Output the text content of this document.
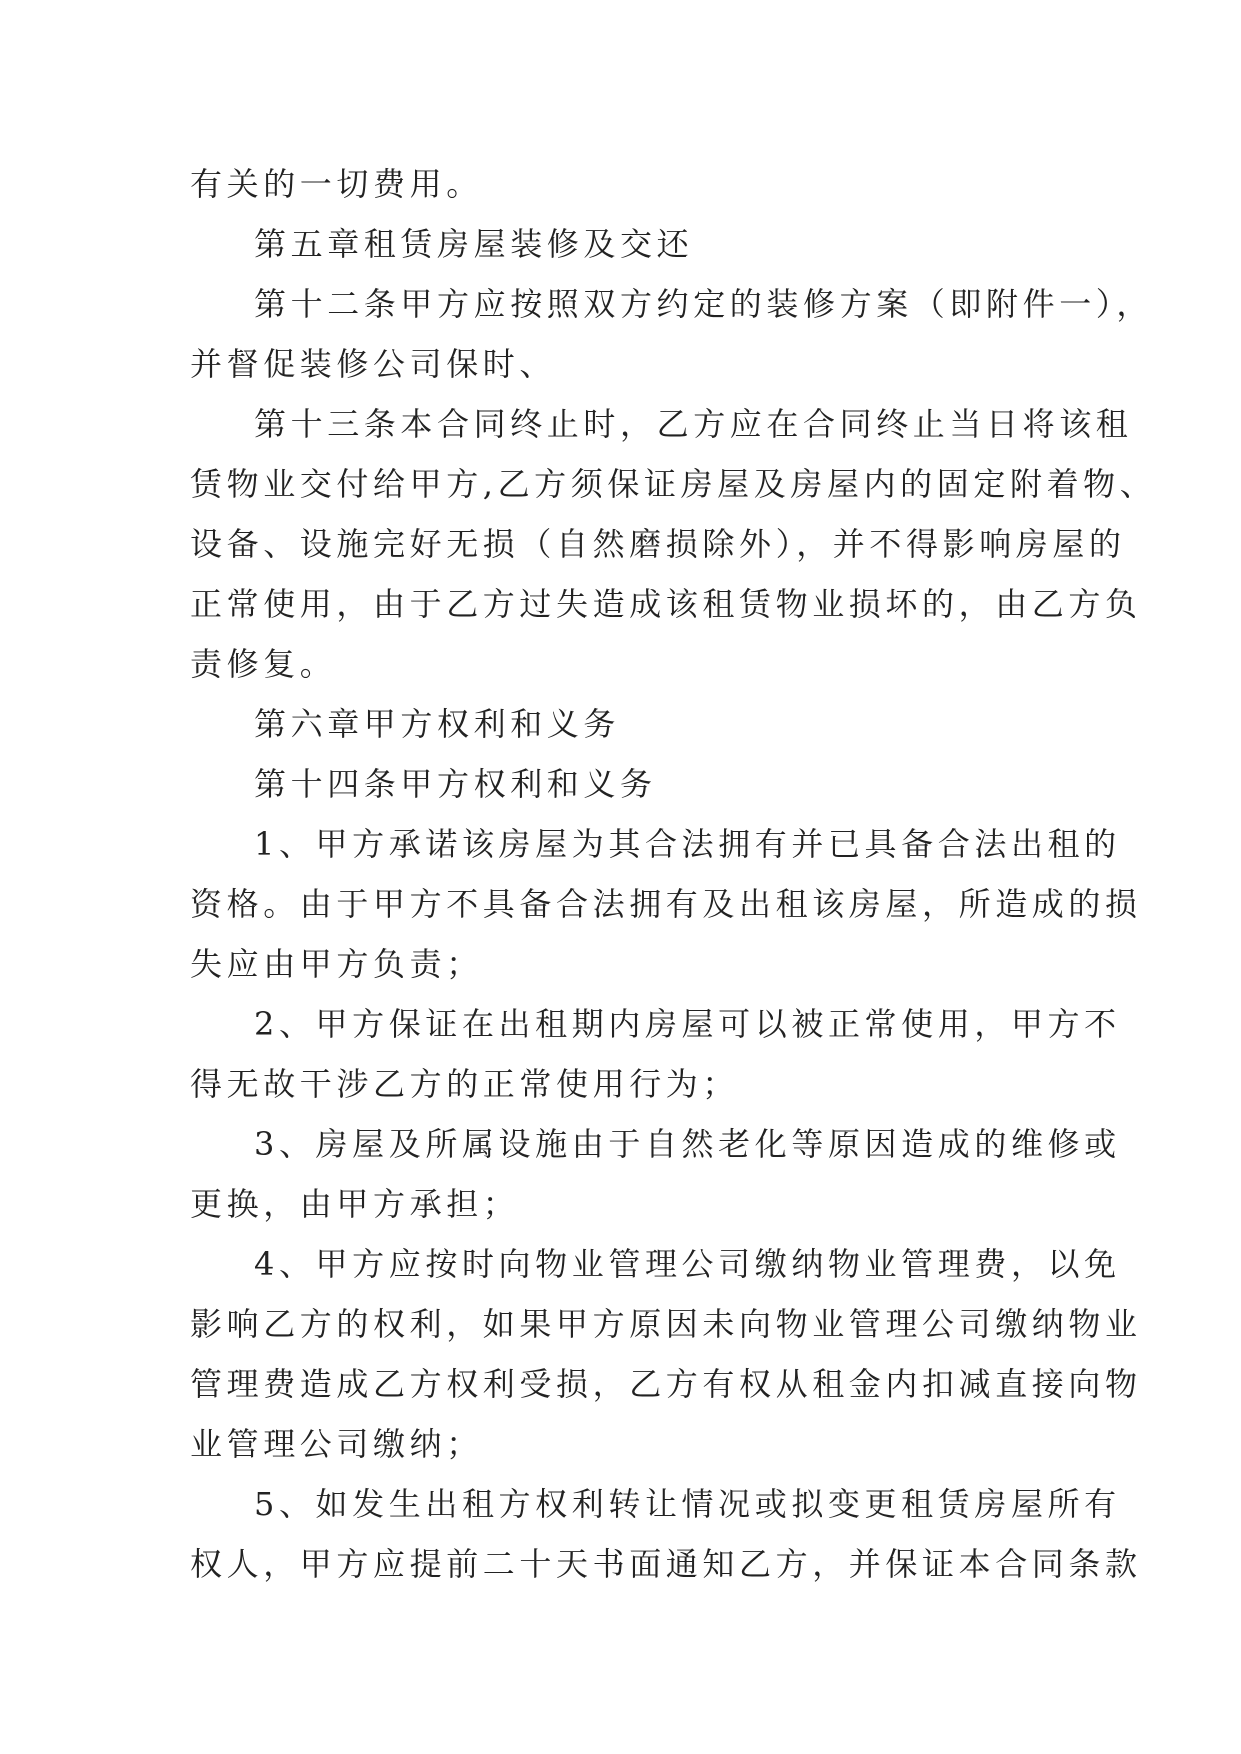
有关的一切费用。
第五章租赁房屋装修及交还
第十二条甲方应按照双方约定的装修方案（即附件一），
并督促装修公司保时、
第十三条本合同终止时，乙方应在合同终止当日将该租
赁物业交付给甲方,乙方须保证房屋及房屋内的固定附着物、
设备、设施完好无损（自然磨损除外），并不得影响房屋的
正常使用，由于乙方过失造成该租赁物业损坏的，由乙方负
责修复。
第六章甲方权利和义务
第十四条甲方权利和义务
1、甲方承诺该房屋为其合法拥有并已具备合法出租的
资格。由于甲方不具备合法拥有及出租该房屋，所造成的损
失应由甲方负责；
2、甲方保证在出租期内房屋可以被正常使用，甲方不
得无故干涉乙方的正常使用行为；
3、房屋及所属设施由于自然老化等原因造成的维修或
更换，由甲方承担；
4、甲方应按时向物业管理公司缴纳物业管理费，以免
影响乙方的权利，如果甲方原因未向物业管理公司缴纳物业
管理费造成乙方权利受损，乙方有权从租金内扣减直接向物
业管理公司缴纳；
5、如发生出租方权利转让情况或拟变更租赁房屋所有
权人，甲方应提前二十天书面通知乙方，并保证本合同条款
